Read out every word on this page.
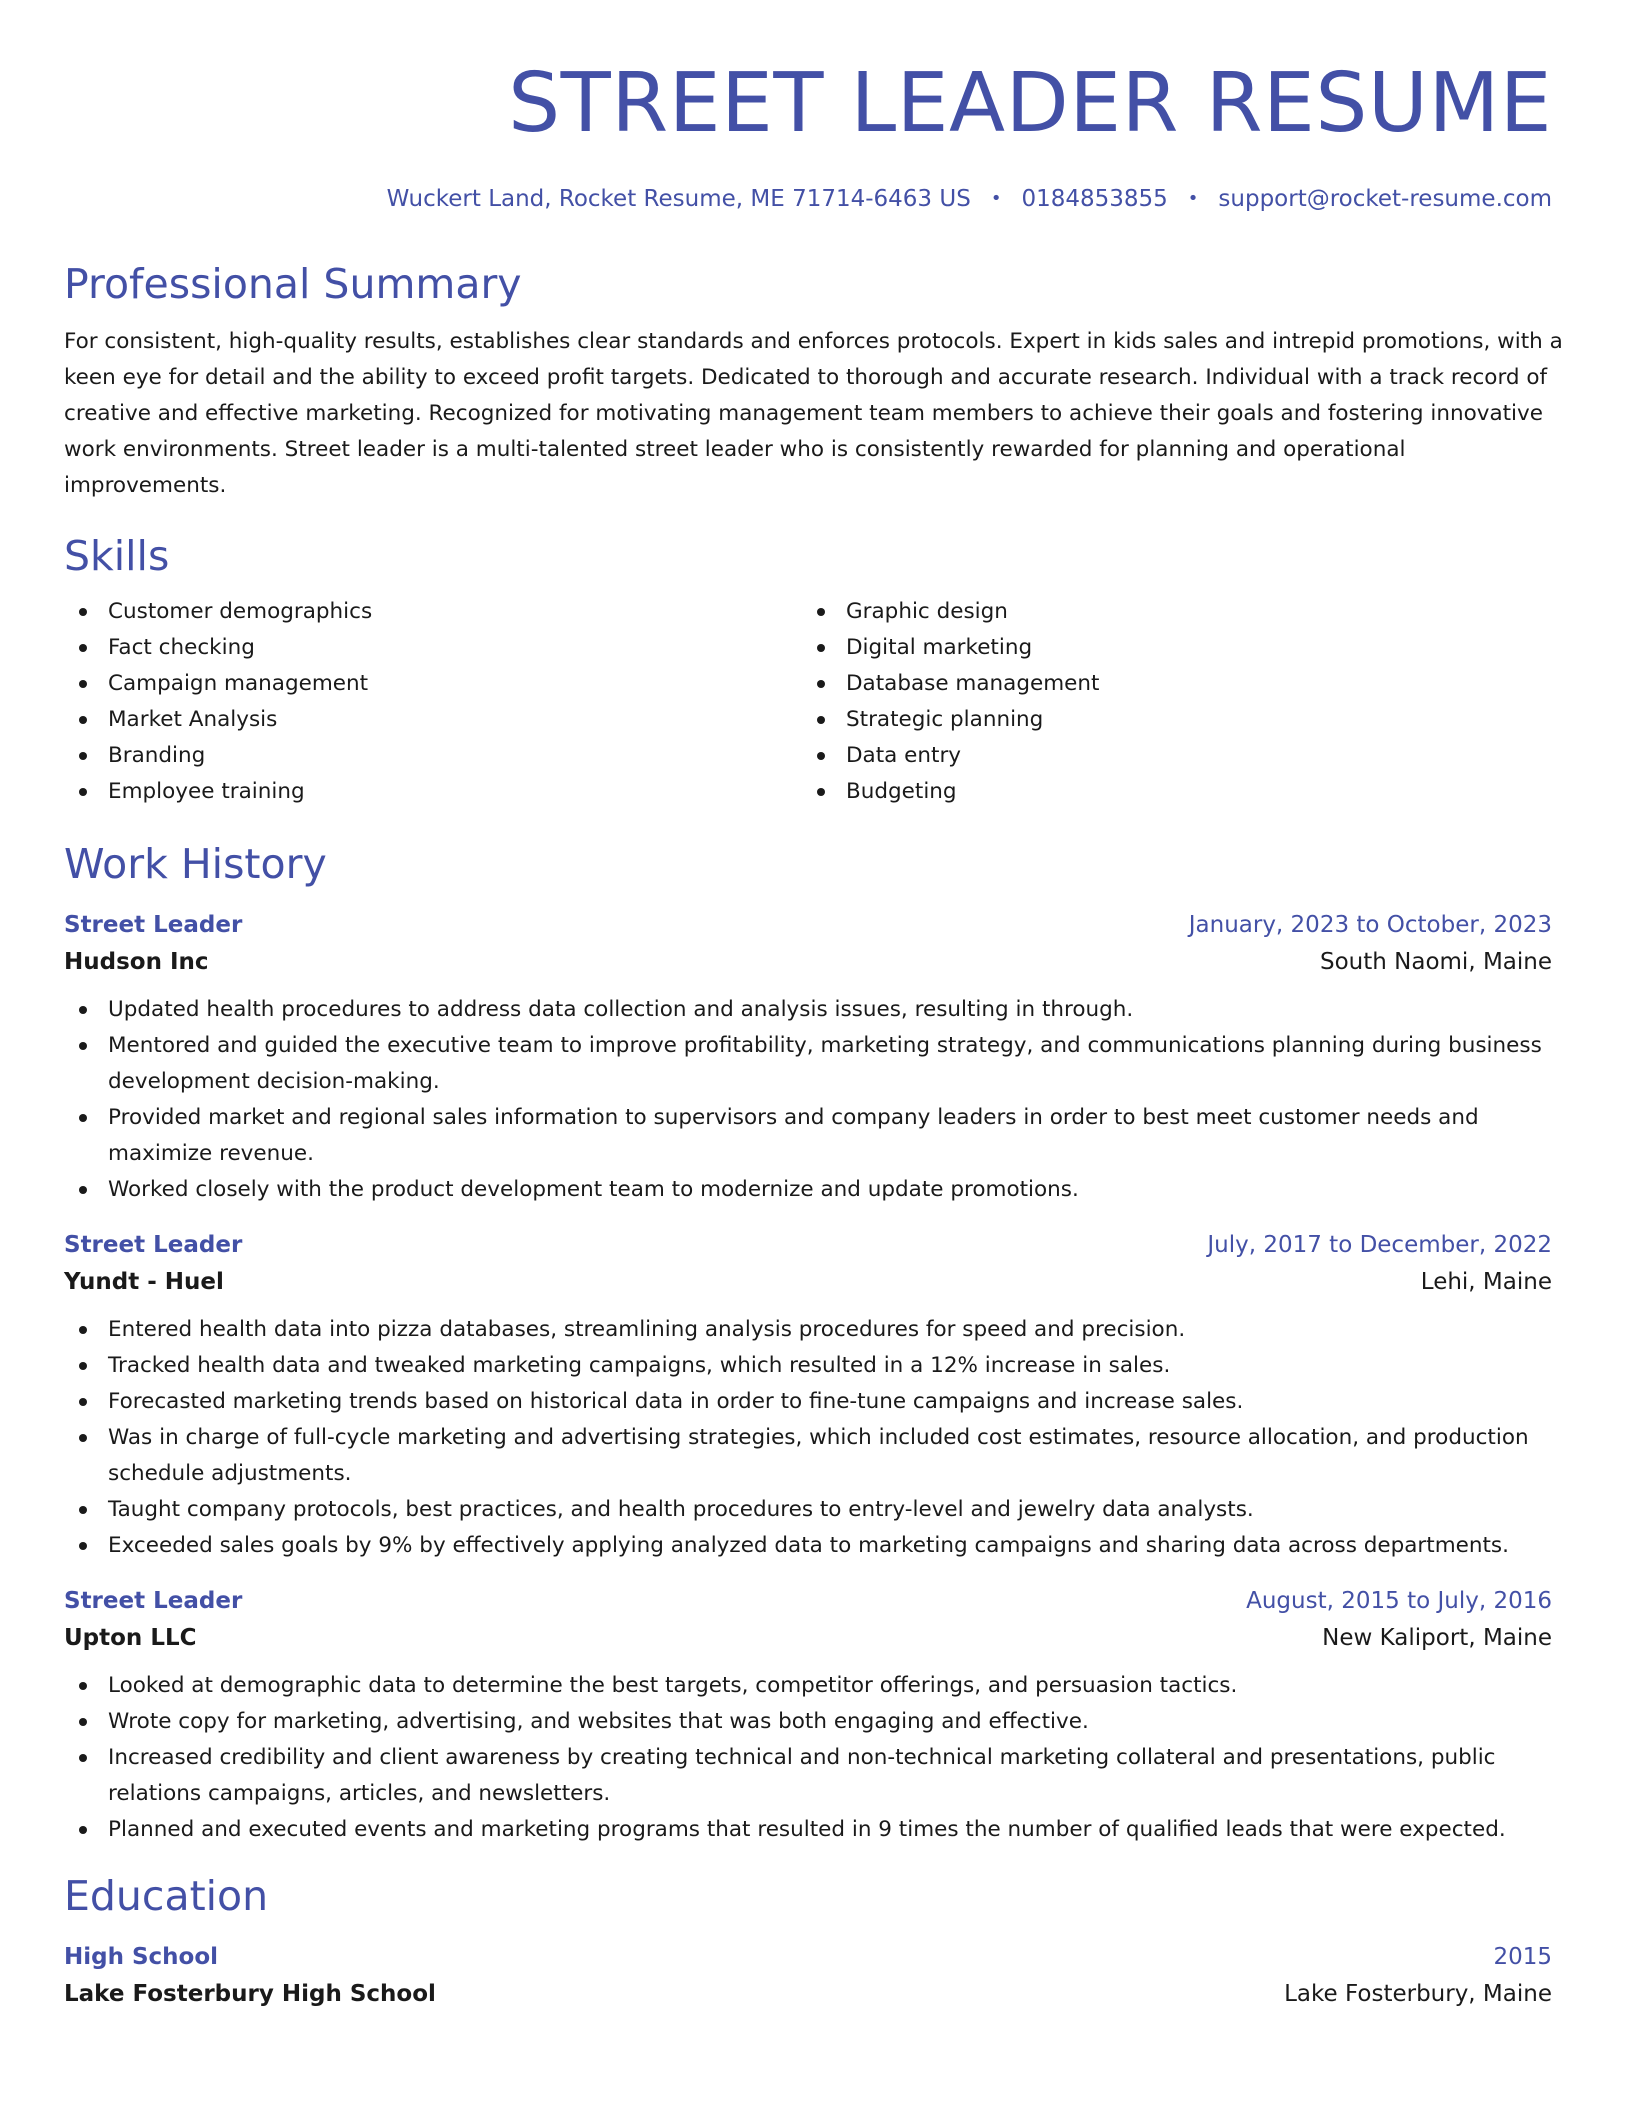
STREET LEADER RESUME
Wuckert Land, Rocket Resume, ME 71714-6463 US • 0184853855 • support@rocket-resume.com
Professional Summary
For consistent, high-quality results, establishes clear standards and enforces protocols. Expert in kids sales and intrepid promotions, with a keen eye for detail and the ability to exceed profit targets. Dedicated to thorough and accurate research. Individual with a track record of creative and effective marketing. Recognized for motivating management team members to achieve their goals and fostering innovative work environments. Street leader is a multi-talented street leader who is consistently rewarded for planning and operational improvements.
Skills
Customer demographics
Fact checking
Campaign management
Market Analysis
Branding
Employee training
Graphic design
Digital marketing
Database management
Strategic planning
Data entry
Budgeting
Work History
Street Leader	January, 2023 to October, 2023
Hudson Inc	South Naomi, Maine
Updated health procedures to address data collection and analysis issues, resulting in through.
Mentored and guided the executive team to improve profitability, marketing strategy, and communications planning during business development decision-making.
Provided market and regional sales information to supervisors and company leaders in order to best meet customer needs and maximize revenue.
Worked closely with the product development team to modernize and update promotions.
Street Leader	July, 2017 to December, 2022
Yundt - Huel	Lehi, Maine
Entered health data into pizza databases, streamlining analysis procedures for speed and precision.
Tracked health data and tweaked marketing campaigns, which resulted in a 12% increase in sales.
Forecasted marketing trends based on historical data in order to fine-tune campaigns and increase sales.
Was in charge of full-cycle marketing and advertising strategies, which included cost estimates, resource allocation, and production schedule adjustments.
Taught company protocols, best practices, and health procedures to entry-level and jewelry data analysts.
Exceeded sales goals by 9% by effectively applying analyzed data to marketing campaigns and sharing data across departments.
Street Leader	August, 2015 to July, 2016
Upton LLC	New Kaliport, Maine
Looked at demographic data to determine the best targets, competitor offerings, and persuasion tactics.
Wrote copy for marketing, advertising, and websites that was both engaging and effective.
Increased credibility and client awareness by creating technical and non-technical marketing collateral and presentations, public relations campaigns, articles, and newsletters.
Planned and executed events and marketing programs that resulted in 9 times the number of qualified leads that were expected.
Education
High School	2015
Lake Fosterbury High School	Lake Fosterbury, Maine
